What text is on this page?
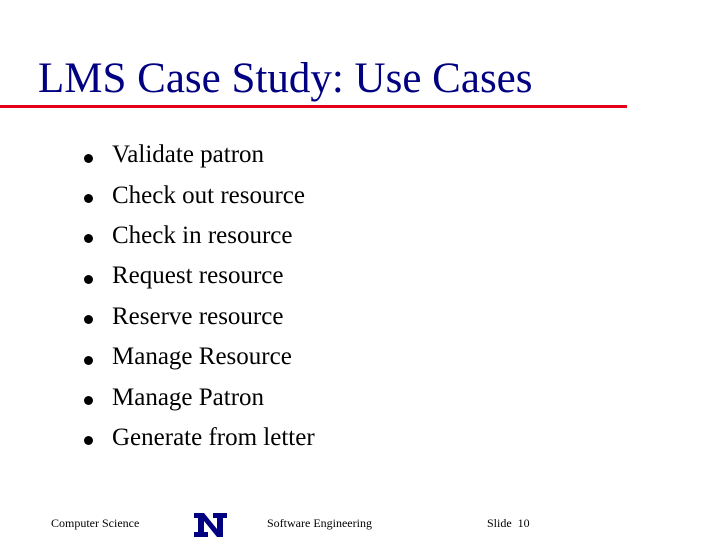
LMS Case Study: Use Cases
Validate patron
Check out resource
Check in resource
Request resource
Reserve resource
Manage Resource
Manage Patron
Generate from letter
Computer Science	Software Engineering	Slide 10
